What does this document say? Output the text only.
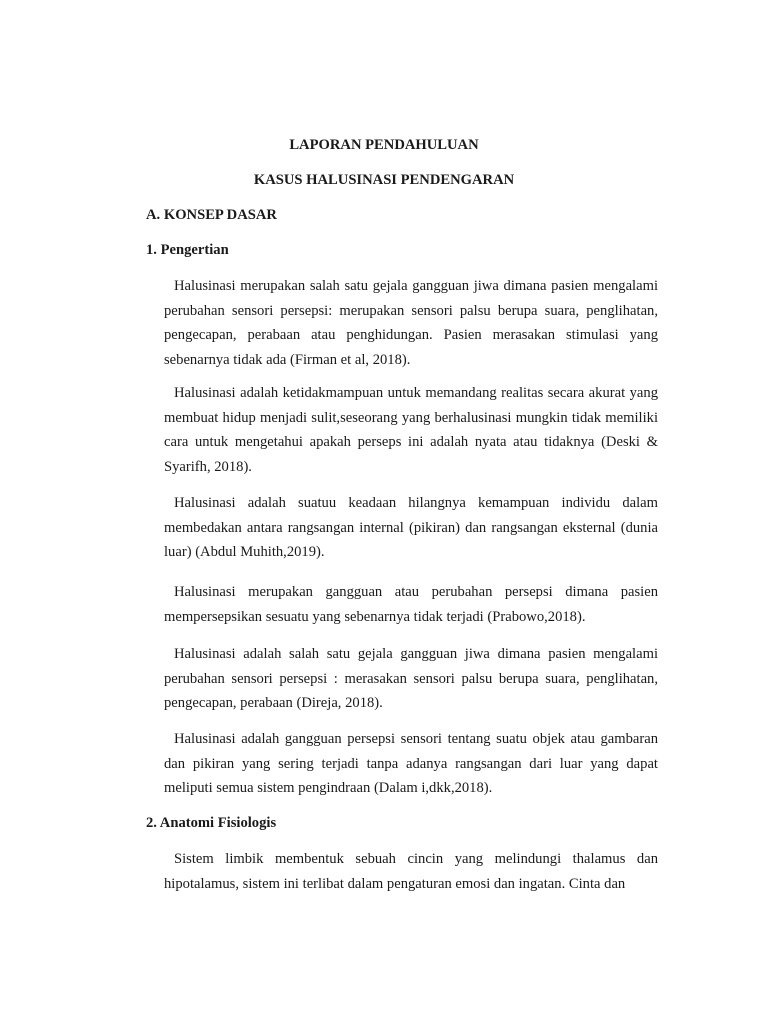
LAPORAN PENDAHULUAN
KASUS HALUSINASI PENDENGARAN
A. KONSEP DASAR
1. Pengertian

Halusinasi merupakan salah satu gejala gangguan jiwa dimana pasien mengalami perubahan sensori persepsi: merupakan sensori palsu berupa suara, penglihatan, pengecapan, perabaan atau penghidungan. Pasien merasakan stimulasi yang sebenarnya tidak ada (Firman et al, 2018).

Halusinasi adalah ketidakmampuan untuk memandang realitas secara akurat yang membuat hidup menjadi sulit,seseorang yang berhalusinasi mungkin tidak memiliki cara untuk mengetahui apakah perseps ini adalah nyata atau tidaknya (Deski & Syarifh, 2018).

Halusinasi adalah suatuu keadaan hilangnya kemampuan individu dalam membedakan antara rangsangan internal (pikiran) dan rangsangan eksternal (dunia luar) (Abdul Muhith,2019).

Halusinasi merupakan gangguan atau perubahan persepsi dimana pasien mempersepsikan sesuatu yang sebenarnya tidak terjadi (Prabowo,2018).

Halusinasi adalah salah satu gejala gangguan jiwa dimana pasien mengalami perubahan sensori persepsi : merasakan sensori palsu berupa suara, penglihatan, pengecapan, perabaan (Direja, 2018).

Halusinasi adalah gangguan persepsi sensori tentang suatu objek atau gambaran dan pikiran yang sering terjadi tanpa adanya rangsangan dari luar yang dapat meliputi semua sistem pengindraan (Dalam i,dkk,2018).

2. Anatomi Fisiologis

Sistem limbik membentuk sebuah cincin yang melindungi thalamus dan hipotalamus, sistem ini terlibat dalam pengaturan emosi dan ingatan. Cinta dan
